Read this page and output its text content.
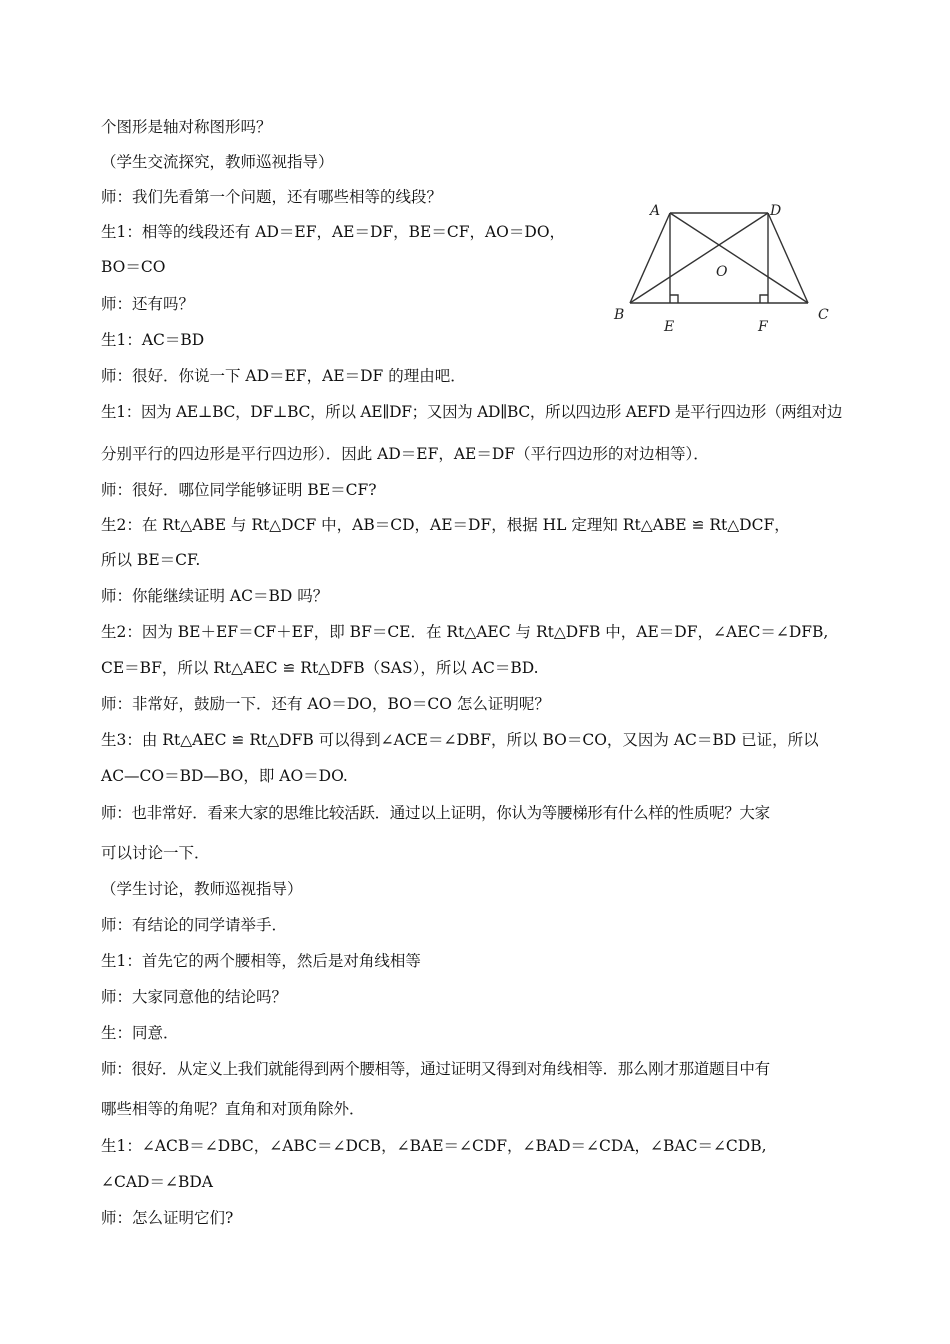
个图形是轴对称图形吗？
（学生交流探究，教师巡视指导）
师：我们先看第一个问题，还有哪些相等的线段？
生1：相等的线段还有 AD＝EF，AE＝DF，BE＝CF，AO＝DO，
BO＝CO
师：还有吗？
生1：AC＝BD
师：很好．你说一下 AD＝EF，AE＝DF 的理由吧．
生1：因为 AE⊥BC，DF⊥BC，所以 AE∥DF；又因为 AD∥BC，所以四边形 AEFD 是平行四边形（两组对边
分别平行的四边形是平行四边形）．因此 AD＝EF，AE＝DF（平行四边形的对边相等）．
师：很好．哪位同学能够证明 BE＝CF?
生2：在 Rt△ABE 与 Rt△DCF 中，AB＝CD，AE＝DF，根据 HL 定理知 Rt△ABE ≌ Rt△DCF，
所以 BE＝CF.
师：你能继续证明 AC＝BD 吗？
生2：因为 BE＋EF＝CF＋EF，即 BF＝CE．在 Rt△AEC 与 Rt△DFB 中，AE＝DF，∠AEC＝∠DFB,
CE＝BF，所以 Rt△AEC ≌ Rt△DFB（SAS），所以 AC＝BD.
师：非常好，鼓励一下．还有 AO＝DO，BO＝CO 怎么证明呢？
生3：由 Rt△AEC ≌ Rt△DFB 可以得到∠ACE＝∠DBF，所以 BO＝CO，又因为 AC＝BD 已证，所以
AC—CO＝BD—BO，即 AO＝DO.
师：也非常好．看来大家的思维比较活跃．通过以上证明，你认为等腰梯形有什么样的性质呢？大家
可以讨论一下．
（学生讨论，教师巡视指导）
师：有结论的同学请举手．
生1：首先它的两个腰相等，然后是对角线相等
师：大家同意他的结论吗？
生：同意．
师：很好．从定义上我们就能得到两个腰相等，通过证明又得到对角线相等．那么刚才那道题目中有
哪些相等的角呢？直角和对顶角除外．
生1：∠ACB＝∠DBC，∠ABC＝∠DCB，∠BAE＝∠CDF，∠BAD＝∠CDA，∠BAC＝∠CDB,
∠CAD＝∠BDA
师：怎么证明它们?
A	D
O
B
E	F
C
